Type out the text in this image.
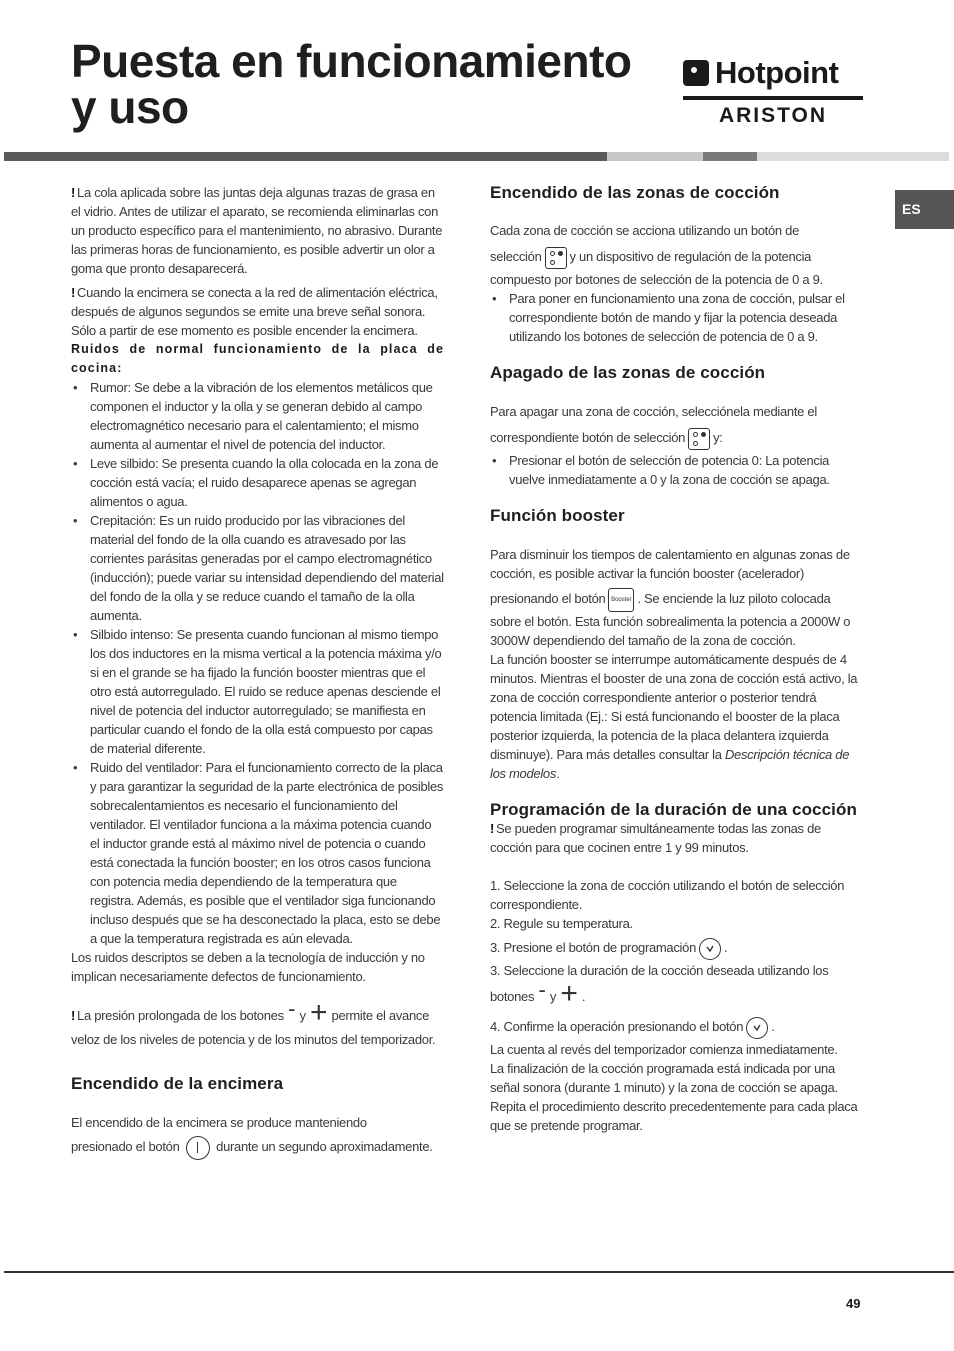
Puesta en funcionamiento
y uso
Hotpoint
ARISTON
ES

! La cola aplicada sobre las juntas deja algunas trazas de grasa en el vidrio. Antes de utilizar el aparato, se recomienda eliminarlas con un producto específico para el mantenimiento, no abrasivo. Durante las primeras horas de funcionamiento, es posible advertir un olor a goma que pronto desaparecerá.

! Cuando la encimera se conecta a la red de alimentación eléctrica, después de algunos segundos se emite una breve señal sonora. Sólo a partir de ese momento es posible encender la encimera.

Ruidos de normal funcionamiento de la placa de cocina:

• Rumor: Se debe a la vibración de los elementos metálicos que componen el inductor y la olla y se generan debido al campo electromagnético necesario para el calentamiento; el mismo aumenta al aumentar el nivel de potencia del inductor.
• Leve silbido: Se presenta cuando la olla colocada en la zona de cocción está vacía; el ruido desaparece apenas se agregan alimentos o agua.
• Crepitación: Es un ruido producido por las vibraciones del material del fondo de la olla cuando es atravesado por las corrientes parásitas generadas por el campo electromagnético (inducción); puede variar su intensidad dependiendo del material del fondo de la olla y se reduce cuando el tamaño de la olla aumenta.
• Silbido intenso: Se presenta cuando funcionan al mismo tiempo los dos inductores en la misma vertical a la potencia máxima y/o si en el grande se ha fijado la función booster mientras que el otro está autorregulado. El ruido se reduce apenas desciende el nivel de potencia del inductor autorregulado; se manifiesta en particular cuando el fondo de la olla está compuesto por capas de material diferente.
• Ruido del ventilador: Para el funcionamiento correcto de la placa y para garantizar la seguridad de la parte electrónica de posibles sobrecalentamientos es necesario el funcionamiento del ventilador. El ventilador funciona a la máxima potencia cuando el inductor grande está al máximo nivel de potencia o cuando está conectada la función booster; en los otros casos funciona con potencia media dependiendo de la temperatura que registra. Además, es posible que el ventilador siga funcionando incluso después que se ha desconectado la placa, esto se debe a que la temperatura registrada es aún elevada.

Los ruidos descriptos se deben a la tecnología de inducción y no implican necesariamente defectos de funcionamiento.

! La presión prolongada de los botones - y + permite el avance veloz de los niveles de potencia y de los minutos del temporizador.

Encendido de la encimera

El encendido de la encimera se produce manteniendo

presionado el botón	durante un segundo aproximadamente.

Encendido de las zonas de cocción

Cada zona de cocción se acciona utilizando un botón de

selección y un dispositivo de regulación de la potencia

compuesto por botones de selección de la potencia de 0 a 9.

• Para poner en funcionamiento una zona de cocción, pulsar el correspondiente botón de mando y fijar la potencia deseada utilizando los botones de selección de potencia de 0 a 9.
Apagado de las zonas de cocción

Para apagar una zona de cocción, selecciónela mediante el

correspondiente botón de selección y:

• Presionar el botón de selección de potencia 0: La potencia vuelve inmediatamente a 0 y la zona de cocción se apaga.
Función booster

Para disminuir los tiempos de calentamiento en algunas zonas de cocción, es posible activar la función booster (acelerador)

presionando el botón Booster . Se enciende la luz piloto colocada

sobre el botón. Esta función sobrealimenta la potencia a 2000W o 3000W dependiendo del tamaño de la zona de cocción.

La función booster se interrumpe automáticamente después de 4 minutos. Mientras el booster de una zona de cocción está activo, la zona de cocción correspondiente anterior o posterior tendrá potencia limitada (Ej.: Si está funcionando el booster de la placa posterior izquierda, la potencia de la placa delantera izquierda disminuye). Para más detalles consultar la Descripción técnica de los modelos.

Programación de la duración de una cocción

! Se pueden programar simultáneamente todas las zonas de cocción para que cocinen entre 1 y 99 minutos.

1. Seleccione la zona de cocción utilizando el botón de selección correspondiente.

2. Regule su temperatura.

3. Presione el botón de programación .

3. Seleccione la duración de la cocción deseada utilizando los

botones - y + .

4. Confirme la operación presionando el botón .

La cuenta al revés del temporizador comienza inmediatamente.

La finalización de la cocción programada está indicada por una señal sonora (durante 1 minuto) y la zona de cocción se apaga.

Repita el procedimiento descrito precedentemente para cada placa que se pretende programar.

49
